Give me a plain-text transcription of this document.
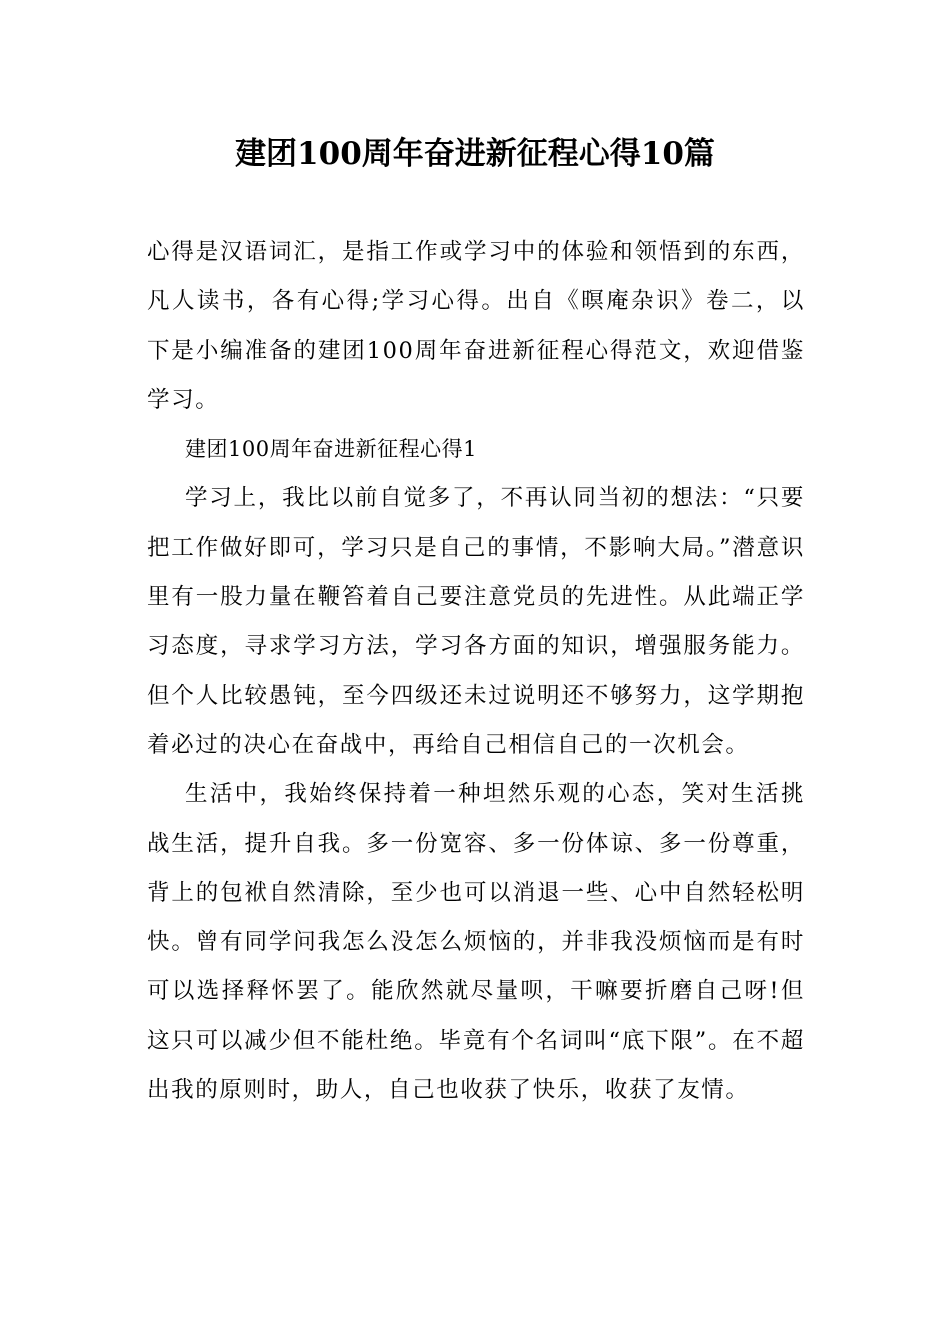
建团100周年奋进新征程心得10篇

心得是汉语词汇，是指工作或学习中的体验和领悟到的东西，凡人读书，各有心得;学习心得。出自《暝庵杂识》卷二，以下是小编准备的建团100周年奋进新征程心得范文，欢迎借鉴学习。

建团100周年奋进新征程心得1

学习上，我比以前自觉多了，不再认同当初的想法：“只要把工作做好即可，学习只是自己的事情，不影响大局。”潜意识里有一股力量在鞭笞着自己要注意党员的先进性。从此端正学习态度，寻求学习方法，学习各方面的知识，增强服务能力。但个人比较愚钝，至今四级还未过说明还不够努力，这学期抱着必过的决心在奋战中，再给自己相信自己的一次机会。

生活中，我始终保持着一种坦然乐观的心态，笑对生活挑战生活，提升自我。多一份宽容、多一份体谅、多一份尊重，背上的包袱自然清除，至少也可以消退一些、心中自然轻松明快。曾有同学问我怎么没怎么烦恼的，并非我没烦恼而是有时可以选择释怀罢了。能欣然就尽量呗，干嘛要折磨自己呀!但这只可以减少但不能杜绝。毕竟有个名词叫“底下限”。在不超出我的原则时，助人，自己也收获了快乐，收获了友情。
